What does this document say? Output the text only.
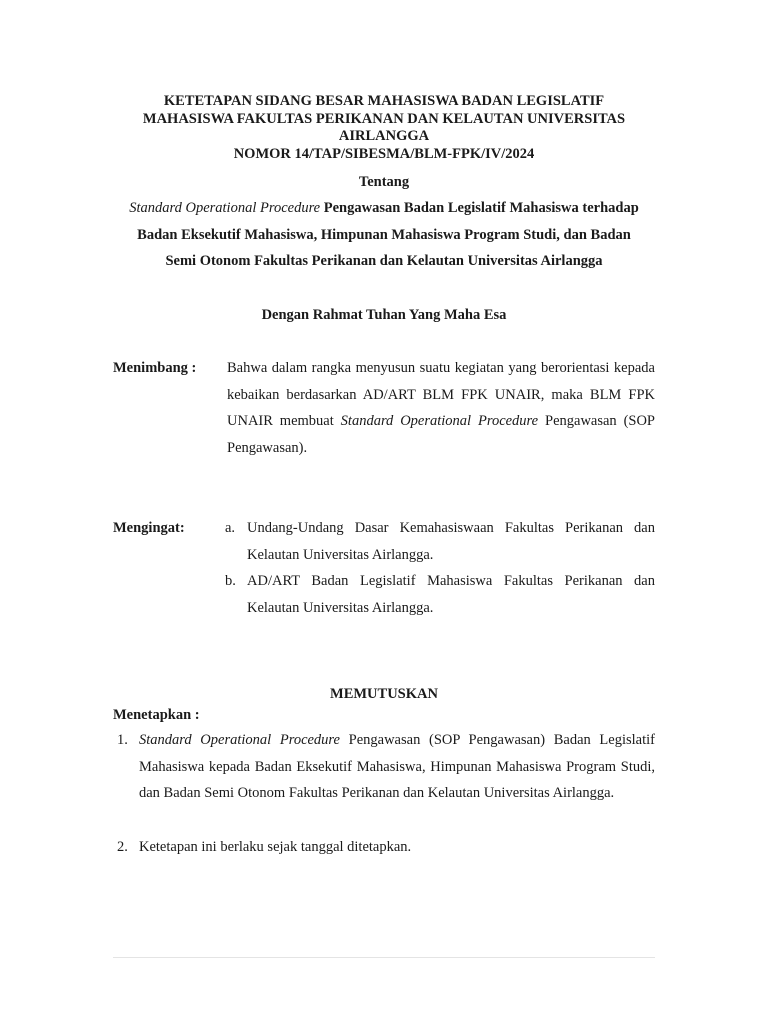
KETETAPAN SIDANG BESAR MAHASISWA BADAN LEGISLATIF
MAHASISWA FAKULTAS PERIKANAN DAN KELAUTAN UNIVERSITAS
AIRLANGGA
NOMOR 14/TAP/SIBESMA/BLM-FPK/IV/2024
Tentang
Standard Operational Procedure Pengawasan Badan Legislatif Mahasiswa terhadap
Badan Eksekutif Mahasiswa, Himpunan Mahasiswa Program Studi, dan Badan
Semi Otonom Fakultas Perikanan dan Kelautan Universitas Airlangga
Dengan Rahmat Tuhan Yang Maha Esa
Menimbang : Bahwa dalam rangka menyusun suatu kegiatan yang berorientasi kepada kebaikan berdasarkan AD/ART BLM FPK UNAIR, maka BLM FPK UNAIR membuat Standard Operational Procedure Pengawasan (SOP Pengawasan).
Mengingat:	a. Undang-Undang Dasar Kemahasiswaan Fakultas Perikanan dan Kelautan Universitas Airlangga.
b. AD/ART Badan Legislatif Mahasiswa Fakultas Perikanan dan Kelautan Universitas Airlangga.
MEMUTUSKAN
Menetapkan :
1. Standard Operational Procedure Pengawasan (SOP Pengawasan) Badan Legislatif Mahasiswa kepada Badan Eksekutif Mahasiswa, Himpunan Mahasiswa Program Studi, dan Badan Semi Otonom Fakultas Perikanan dan Kelautan Universitas Airlangga.
2. Ketetapan ini berlaku sejak tanggal ditetapkan.
